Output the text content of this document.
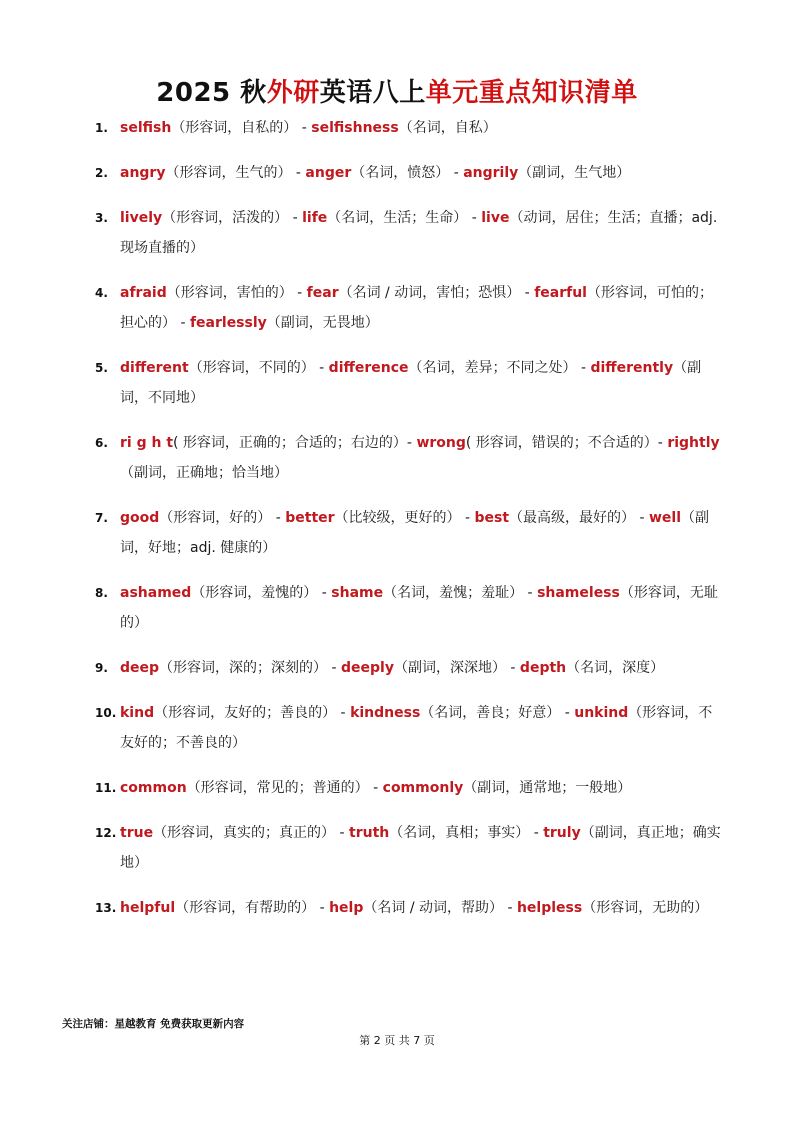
2025 秋外研英语八上单元重点知识清单
1. selfish（形容词，自私的） - selfishness（名词，自私）
2. angry（形容词，生气的） - anger（名词，愤怒） - angrily（副词，生气地）
3. lively（形容词，活泼的） - life（名词，生活；生命） - live（动词，居住；生活；直播；adj. 现场直播的）
4. afraid（形容词，害怕的） - fear（名词 / 动词，害怕；恐惧） - fearful（形容词，可怕的；担心的） - fearlessly（副词，无畏地）
5. different（形容词，不同的） - difference（名词，差异；不同之处） - differently（副词，不同地）
6. ri g h t( 形容词，正确的；合适的；右边的）- wrong( 形容词，错误的；不合适的）- rightly（副词，正确地；恰当地）
7. good（形容词，好的） - better（比较级，更好的） - best（最高级，最好的） - well（副词，好地；adj. 健康的）
8. ashamed（形容词，羞愧的） - shame（名词，羞愧；羞耻） - shameless（形容词，无耻的）
9. deep（形容词，深的；深刻的） - deeply（副词，深深地） - depth（名词，深度）
10. kind（形容词，友好的；善良的） - kindness（名词，善良；好意） - unkind（形容词，不友好的；不善良的）
11. common（形容词，常见的；普通的） - commonly（副词，通常地；一般地）
12. true（形容词，真实的；真正的） - truth（名词，真相；事实） - truly（副词，真正地；确实地）
13. helpful（形容词，有帮助的） - help（名词 / 动词，帮助） - helpless（形容词，无助的）
关注店铺：星越教育 免费获取更新内容
第 2 页 共 7 页
